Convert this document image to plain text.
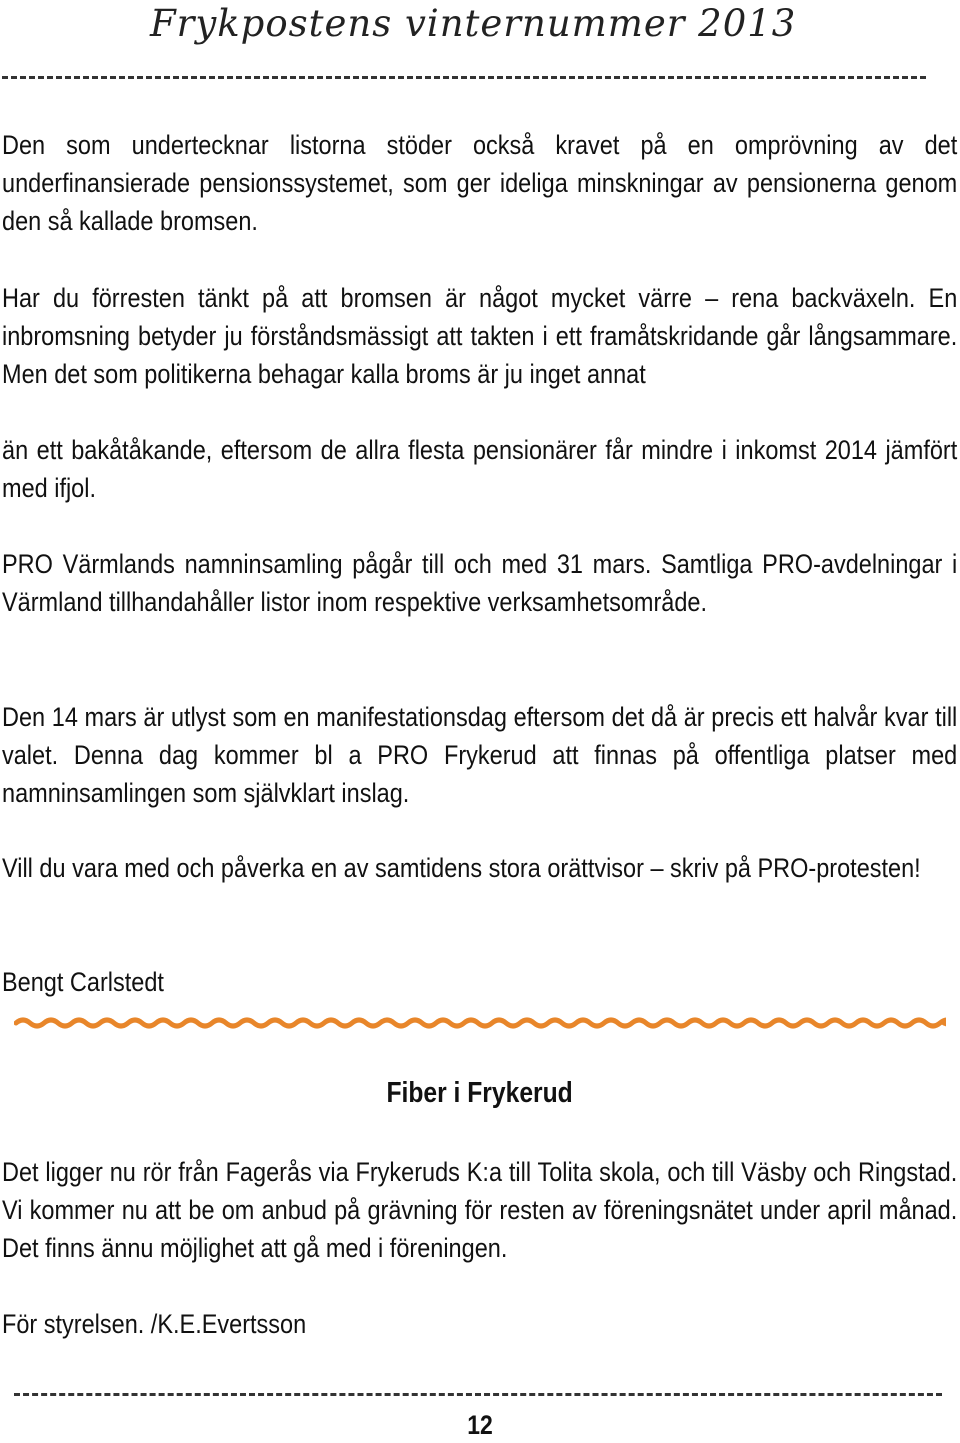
Frykpostens vinternummer 2013
Den som undertecknar listorna stöder också kravet på en omprövning av det underfinansierade pensionssystemet, som ger ideliga minskningar av pensionerna genom den så kallade bromsen.
Har du förresten tänkt på att bromsen är något mycket värre – rena backväxeln. En inbromsning betyder ju förståndsmässigt att takten i ett framåtskridande går långsammare. Men det som politikerna behagar kalla broms är ju inget annat
än ett bakåtåkande, eftersom de allra flesta pensionärer får mindre i inkomst 2014 jämfört med ifjol.
PRO Värmlands namninsamling pågår till och med 31 mars. Samtliga PRO-avdelningar i Värmland tillhandahåller listor inom respektive verksamhetsområde.
Den 14 mars är utlyst som en manifestationsdag eftersom det då är precis ett halvår kvar till valet. Denna dag kommer bl a PRO Frykerud att finnas på offentliga platser med namninsamlingen som självklart inslag.
Vill du vara med och påverka en av samtidens stora orättvisor – skriv på PRO-protesten!
Bengt Carlstedt
Fiber i Frykerud
Det ligger nu rör från Fagerås via Frykeruds K:a till Tolita skola, och till Väsby och Ringstad. Vi kommer nu att be om anbud på grävning för resten av föreningsnätet under april månad. Det finns ännu möjlighet att gå med i föreningen.
För styrelsen. /K.E.Evertsson
12
